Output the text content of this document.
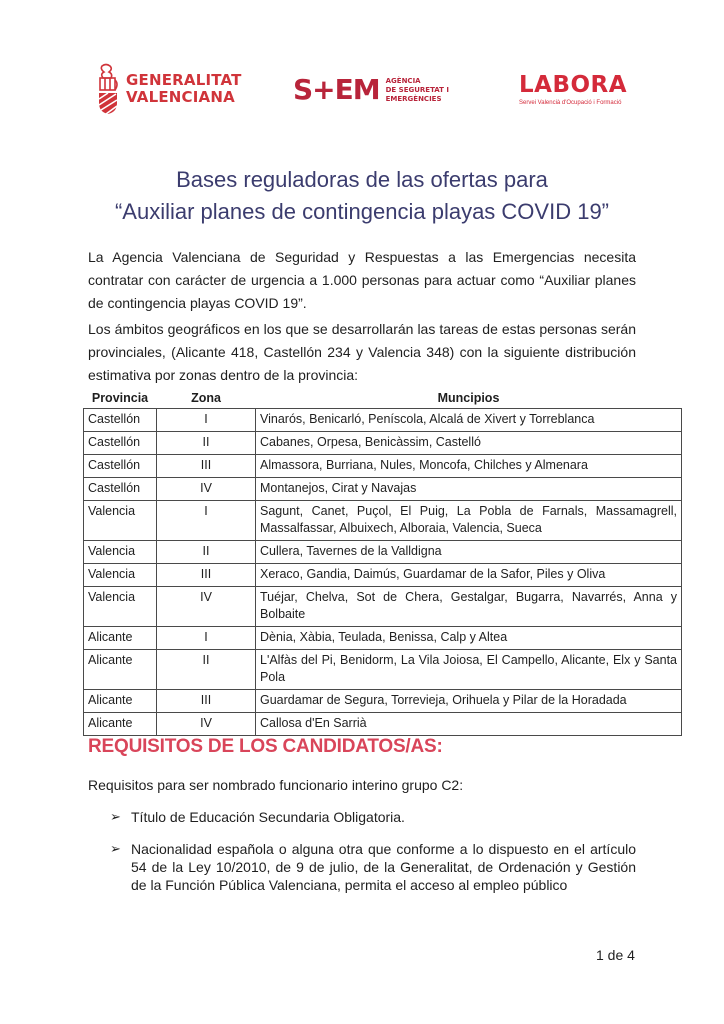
GENERALITAT
VALENCIANA S+EM AGÈNCIA
DE SEGURETAT I
EMERGÈNCIES
LABORA
Servei Valencià d'Ocupació i Formació
Bases reguladoras de las ofertas para
“Auxiliar planes de contingencia playas COVID 19”

La Agencia Valenciana de Seguridad y Respuestas a las Emergencias necesita contratar con carácter de urgencia a 1.000 personas para actuar como “Auxiliar planes de contingencia playas COVID 19”.

Los ámbitos geográficos en los que se desarrollarán las tareas de estas personas serán provinciales, (Alicante 418, Castellón 234 y Valencia 348) con la siguiente distribución estimativa por zonas dentro de la provincia:

Provincia	Zona	Muncipios
Castellón	I	Vinarós, Benicarló, Peníscola, Alcalá de Xivert y Torreblanca
Castellón	II	Cabanes, Orpesa, Benicàssim, Castelló
Castellón	III	Almassora, Burriana, Nules, Moncofa, Chilches y Almenara
Castellón	IV	Montanejos, Cirat y Navajas
Valencia	I	Sagunt, Canet, Puçol, El Puig, La Pobla de Farnals, Massamagrell, Massalfassar, Albuixech, Alboraia, Valencia, Sueca
Valencia	II	Cullera, Tavernes de la Valldigna
Valencia	III	Xeraco, Gandia, Daimús, Guardamar de la Safor, Piles y Oliva
Valencia	IV	Tuéjar, Chelva, Sot de Chera, Gestalgar, Bugarra, Navarrés, Anna y Bolbaite
Alicante	I	Dènia, Xàbia, Teulada, Benissa, Calp y Altea
Alicante	II	L'Alfàs del Pi, Benidorm, La Vila Joiosa, El Campello, Alicante, Elx y Santa Pola
Alicante	III	Guardamar de Segura, Torrevieja, Orihuela y Pilar de la Horadada
Alicante	IV	Callosa d'En Sarrià
REQUISITOS DE LOS CANDIDATOS/AS:

Requisitos para ser nombrado funcionario interino grupo C2:

➢ Título de Educación Secundaria Obligatoria.
➢ Nacionalidad española o alguna otra que conforme a lo dispuesto en el artículo 54 de la Ley 10/2010, de 9 de julio, de la Generalitat, de Ordenación y Gestión de la Función Pública Valenciana, permita el acceso al empleo público
1 de 4
